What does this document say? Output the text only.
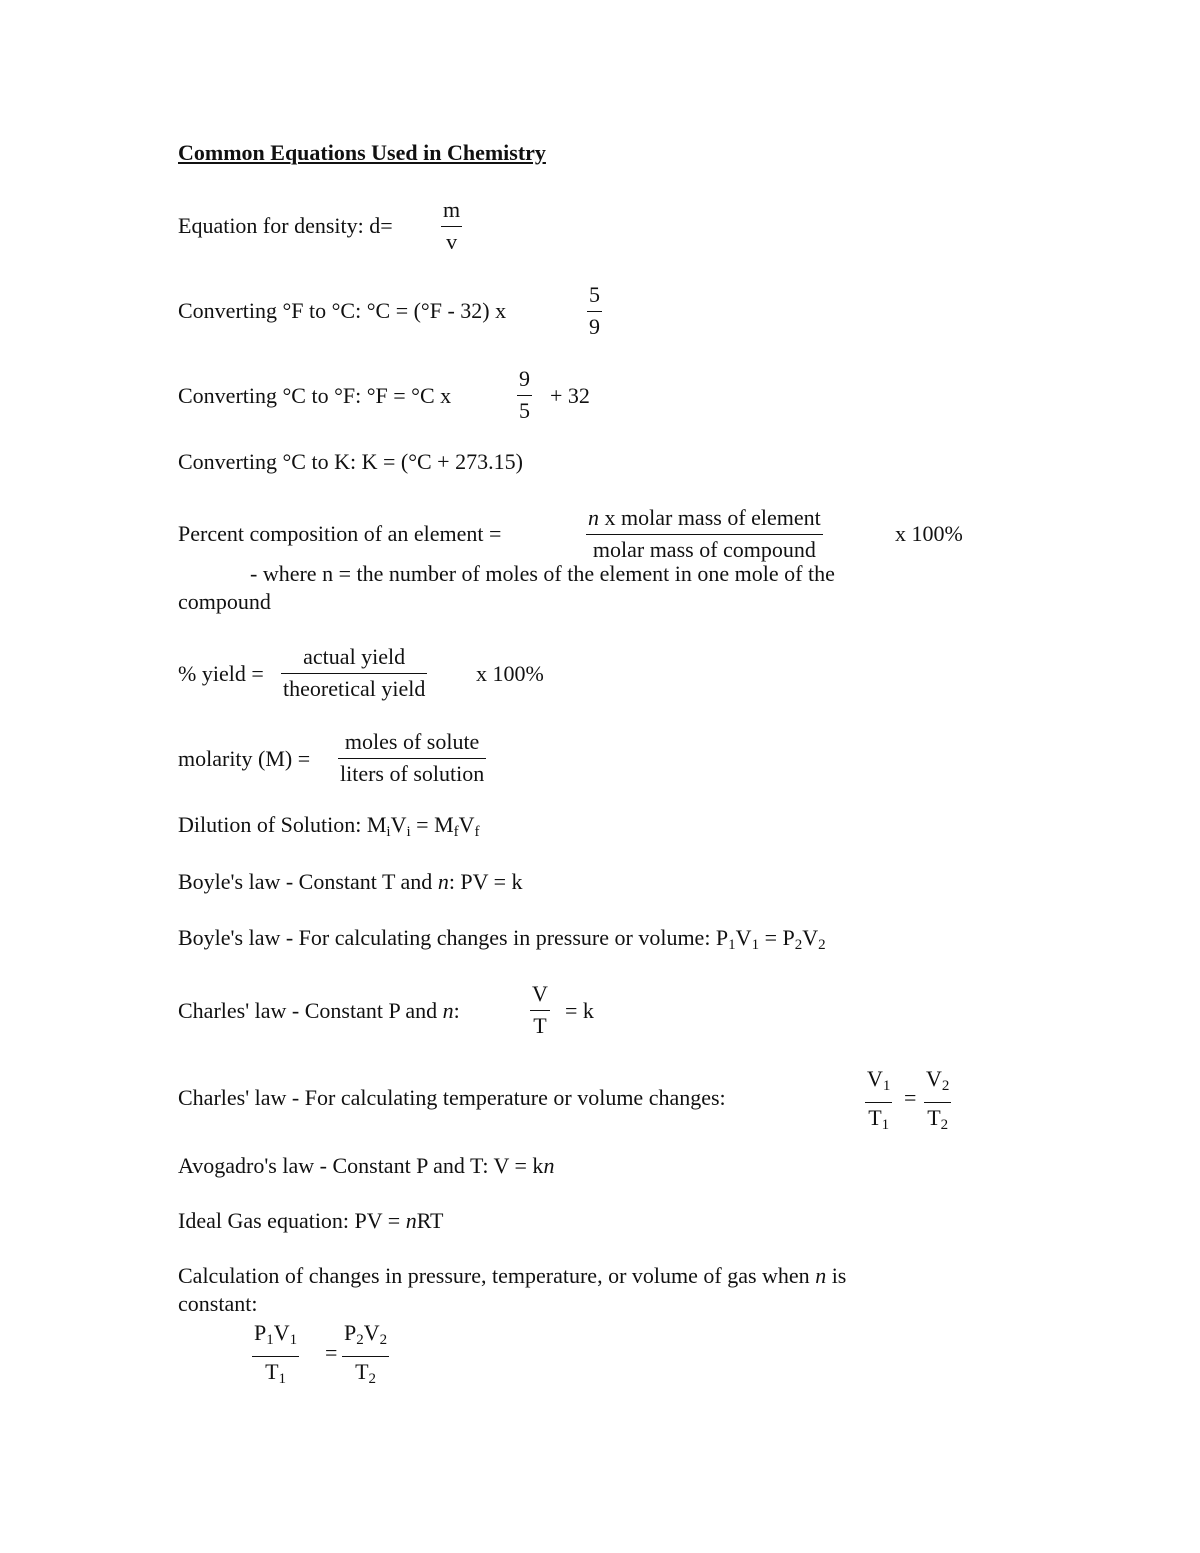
Common Equations Used in Chemistry
Equation for density: $d= \frac{m}{v}$
Converting °F to °C: °C = (°F - 32) x	$\frac{5}{9}$
Converting °C to °F: °F = °C x	$\frac{9}{5} + 32$
Converting °C to K: K = (°C + 273.15)
Percent composition of an element =
n x molar mass of element
molar mass of compound
x 100%
- where n = the number of moles of the element in one mole of the
compound
% yield =
actual yield
theoretical yield
x 100%
molarity (M) =
moles of solute
liters of solution
Dilution of Solution: $M_iV_i = M_fV_f$
Boyle's law - Constant T and n: PV = k
Boyle's law - For calculating changes in pressure or volume: $P_1V_1 = P_2V_2$
Charles' law - Constant P and n:	$\frac{V}{T} = k$
Charles' law - For calculating temperature or volume changes:	$\frac{V_1}{T_1} = \frac{V_2}{T_2}$
Avogadro's law - Constant P and T: V = kn
Ideal Gas equation: PV = nRT
Calculation of changes in pressure, temperature, or volume of gas when n is
constant:
$\frac{P_1V_1}{T_1} = \frac{P_2V_2}{T_2}$
